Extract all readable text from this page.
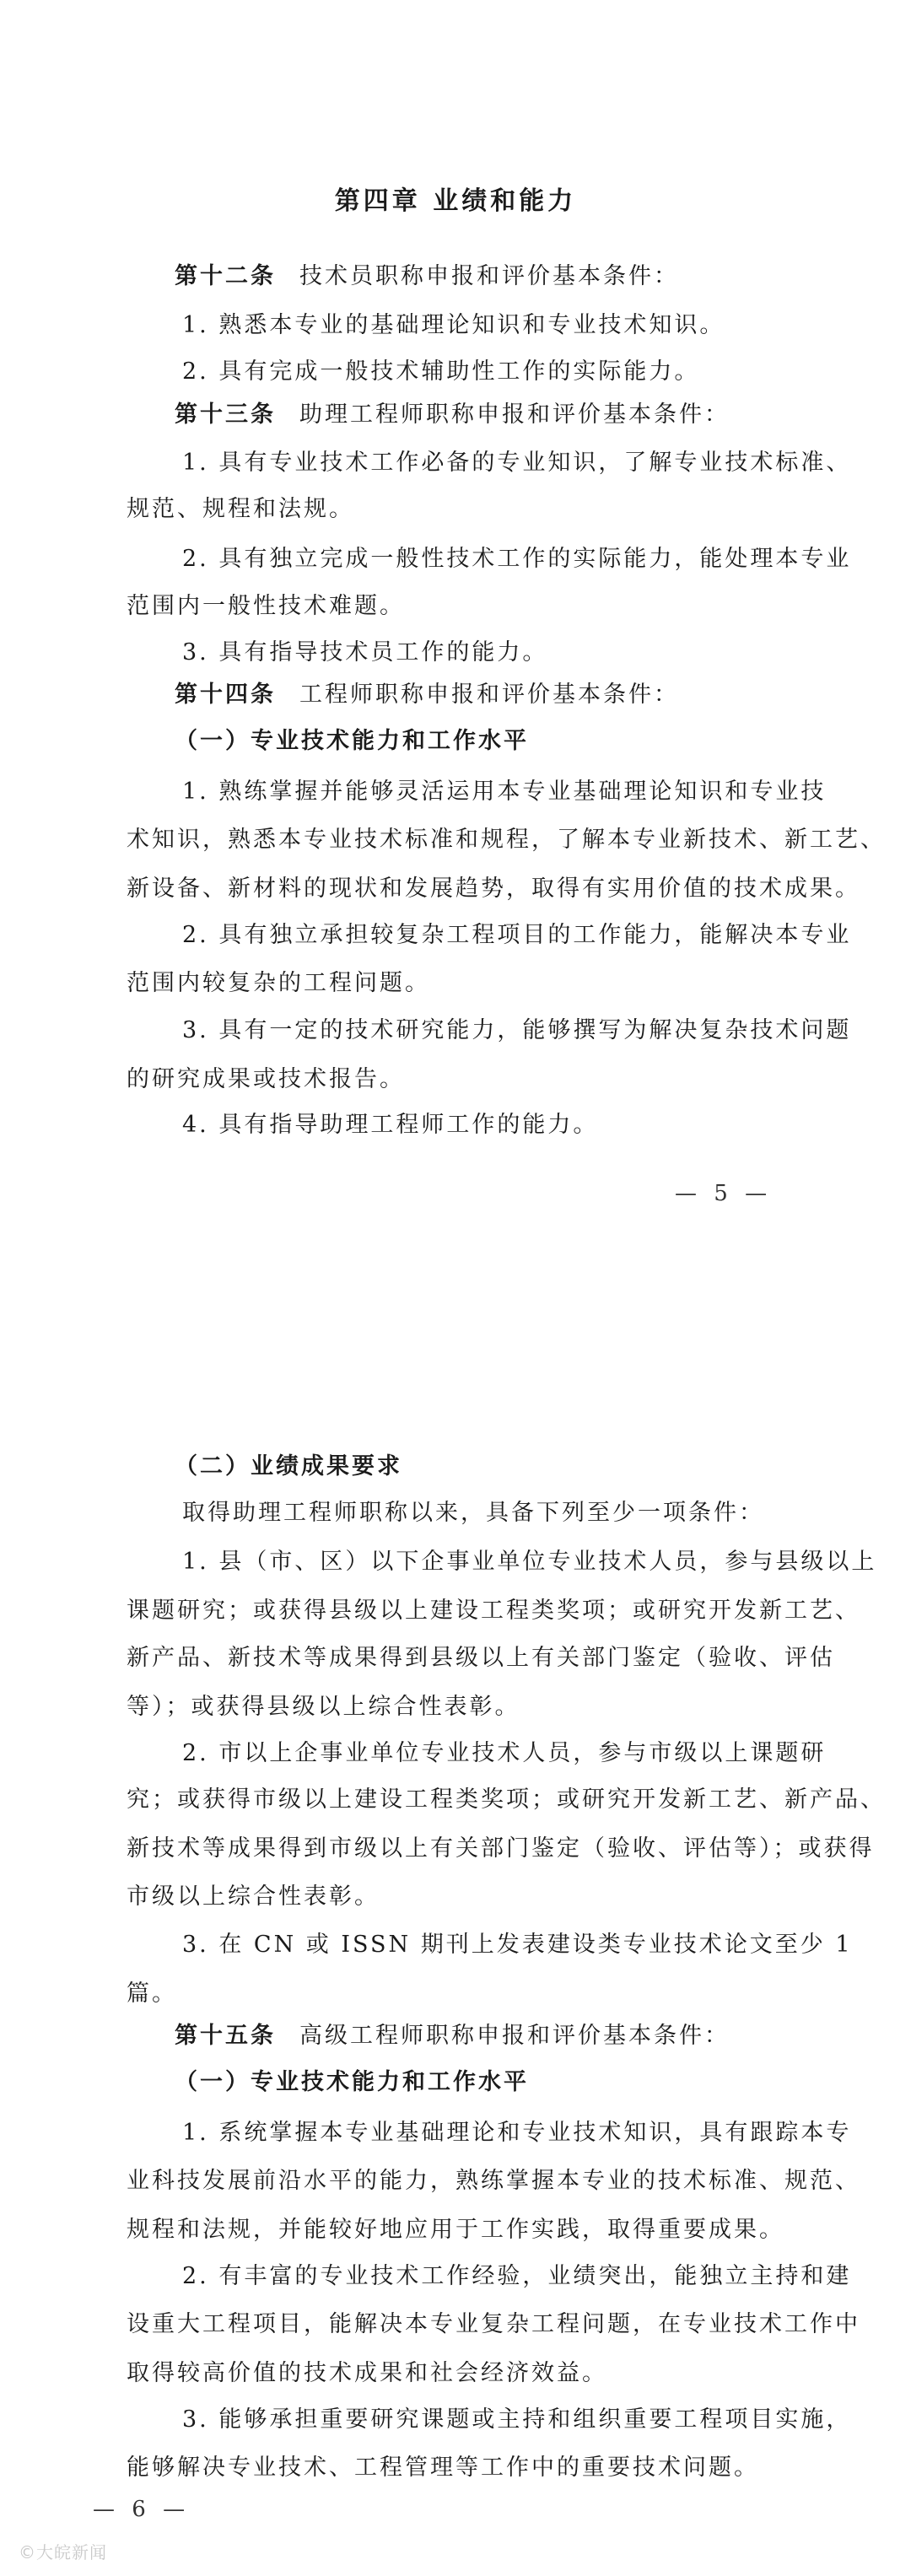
第四章 业绩和能力
第十二条 技术员职称申报和评价基本条件：
1. 熟悉本专业的基础理论知识和专业技术知识。
2. 具有完成一般技术辅助性工作的实际能力。
第十三条 助理工程师职称申报和评价基本条件：
1. 具有专业技术工作必备的专业知识，了解专业技术标准、
规范、规程和法规。
2. 具有独立完成一般性技术工作的实际能力，能处理本专业
范围内一般性技术难题。
3. 具有指导技术员工作的能力。
第十四条 工程师职称申报和评价基本条件：
（一）专业技术能力和工作水平
1. 熟练掌握并能够灵活运用本专业基础理论知识和专业技
术知识，熟悉本专业技术标准和规程，了解本专业新技术、新工艺、
新设备、新材料的现状和发展趋势，取得有实用价值的技术成果。
2. 具有独立承担较复杂工程项目的工作能力，能解决本专业
范围内较复杂的工程问题。
3. 具有一定的技术研究能力，能够撰写为解决复杂技术问题
的研究成果或技术报告。
4. 具有指导助理工程师工作的能力。
— 5 —
（二）业绩成果要求
取得助理工程师职称以来，具备下列至少一项条件：
1. 县（市、区）以下企事业单位专业技术人员，参与县级以上
课题研究；或获得县级以上建设工程类奖项；或研究开发新工艺、
新产品、新技术等成果得到县级以上有关部门鉴定（验收、评估
等）；或获得县级以上综合性表彰。
2. 市以上企事业单位专业技术人员，参与市级以上课题研
究；或获得市级以上建设工程类奖项；或研究开发新工艺、新产品、
新技术等成果得到市级以上有关部门鉴定（验收、评估等）；或获得
市级以上综合性表彰。
3. 在 CN 或 ISSN 期刊上发表建设类专业技术论文至少 1
篇。
第十五条 高级工程师职称申报和评价基本条件：
（一）专业技术能力和工作水平
1. 系统掌握本专业基础理论和专业技术知识，具有跟踪本专
业科技发展前沿水平的能力，熟练掌握本专业的技术标准、规范、
规程和法规，并能较好地应用于工作实践，取得重要成果。
2. 有丰富的专业技术工作经验，业绩突出，能独立主持和建
设重大工程项目，能解决本专业复杂工程问题，在专业技术工作中
取得较高价值的技术成果和社会经济效益。
3. 能够承担重要研究课题或主持和组织重要工程项目实施，
能够解决专业技术、工程管理等工作中的重要技术问题。
— 6 —
©大皖新闻
